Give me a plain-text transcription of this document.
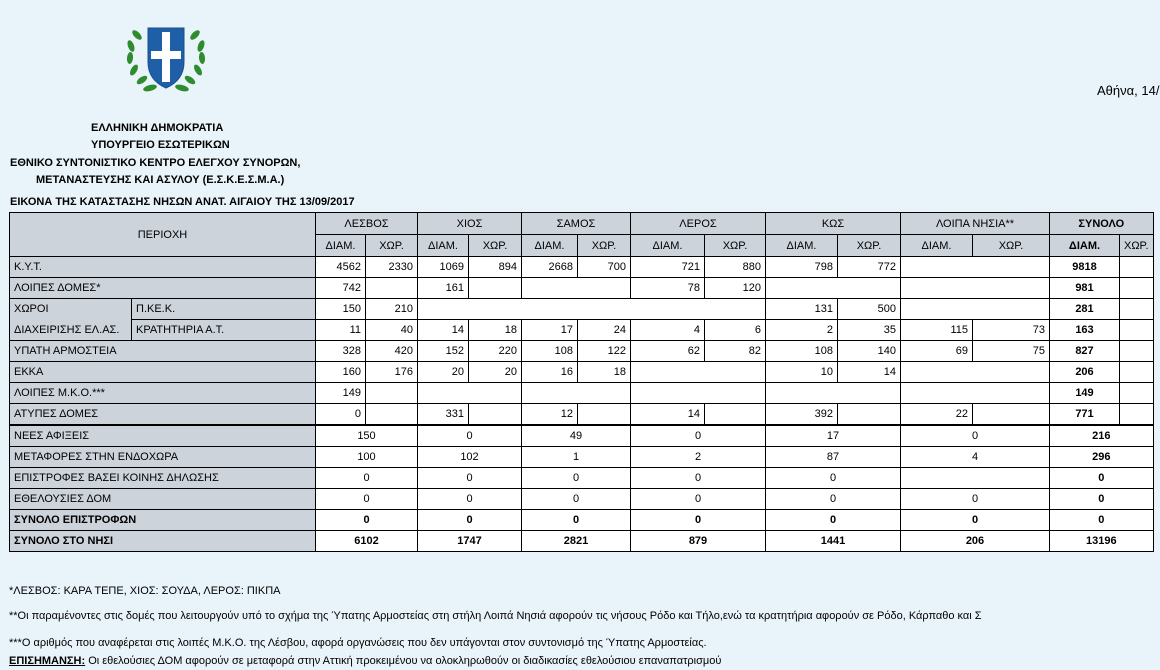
Αθήνα, 14/
ΕΛΛΗΝΙΚΗ ΔΗΜΟΚΡΑΤΙΑ
ΥΠΟΥΡΓΕΙΟ ΕΣΩΤΕΡΙΚΩΝ
ΕΘΝΙΚΟ ΣΥΝΤΟΝΙΣΤΙΚΟ ΚΕΝΤΡΟ ΕΛΕΓΧΟΥ ΣΥΝΟΡΩΝ,
ΜΕΤΑΝΑΣΤΕΥΣΗΣ ΚΑΙ ΑΣΥΛΟΥ (Ε.Σ.Κ.Ε.Σ.Μ.Α.)
ΕΙΚΟΝΑ ΤΗΣ ΚΑΤΑΣΤΑΣΗΣ ΝΗΣΩΝ ΑΝΑΤ. ΑΙΓΑΙΟΥ ΤΗΣ 13/09/2017
ΠΕΡΙΟΧΗ		ΛΕΣΒΟΣ		ΧΙΟΣ		ΣΑΜΟΣ		ΛΕΡΟΣ		ΚΩΣ		ΛΟΙΠΑ ΝΗΣΙΑ**		ΣΥΝΟΛΟ	
		ΔΙΑΜ.	ΧΩΡ.	ΔΙΑΜ.	ΧΩΡ.	ΔΙΑΜ.	ΧΩΡ.	ΔΙΑΜ.	ΧΩΡ.	ΔΙΑΜ.	ΧΩΡ.	ΔΙΑΜ.	ΧΩΡ.	ΔΙΑΜ.	ΧΩΡ.
Κ.Υ.Τ.		4562	2330	1069	894	2668	700	721	880	798	772			9818	
ΛΟΙΠΕΣ ΔΟΜΕΣ*		742		161				78	120					981	
ΧΩΡΟΙ	Π.ΚΕ.Κ.	150	210							131	500			281	
ΔΙΑΧΕΙΡΙΣΗΣ ΕΛ.ΑΣ.	ΚΡΑΤΗΤΗΡΙΑ Α.Τ.	11	40	14	18	17	24	4	6	2	35	115	73	163	
ΥΠΑΤΗ ΑΡΜΟΣΤΕΙΑ		328	420	152	220	108	122	62	82	108	140	69	75	827	
ΕΚΚΑ		160	176	20	20	16	18			10	14			206	
ΛΟΙΠΕΣ Μ.Κ.Ο.***		149												149	
ΑΤΥΠΕΣ ΔΟΜΕΣ		0		331		12		14		392		22		771	
ΝΕΕΣ ΑΦΙΞΕΙΣ		150		0		49		0		17		0		216	
ΜΕΤΑΦΟΡΕΣ ΣΤΗΝ ΕΝΔΟΧΩΡΑ		100		102		1		2		87		4		296	
ΕΠΙΣΤΡΟΦΕΣ ΒΑΣΕΙ ΚΟΙΝΗΣ ΔΗΛΩΣΗΣ		0		0		0		0		0				0	
ΕΘΕΛΟΥΣΙΕΣ ΔΟΜ		0		0		0		0		0		0		0	
ΣΥΝΟΛΟ ΕΠΙΣΤΡΟΦΩΝ		0		0		0		0		0		0		0	
ΣΥΝΟΛΟ ΣΤΟ ΝΗΣΙ		6102		1747		2821		879		1441		206		13196	
*ΛΕΣΒΟΣ: ΚΑΡΑ ΤΕΠΕ, ΧΙΟΣ: ΣΟΥΔΑ, ΛΕΡΟΣ: ΠΙΚΠΑ
**Οι παραμένοντες στις δομές που λειτουργούν υπό το σχήμα της Ύπατης Αρμοστείας στη στήλη Λοιπά Νησιά αφορούν τις νήσους Ρόδο και Τήλο,ενώ τα κρατητήρια αφορούν σε Ρόδο, Κάρπαθο και Σ
***Ο αριθμός που αναφέρεται στις λοιπές Μ.Κ.Ο. της Λέσβου, αφορά οργανώσεις που δεν υπάγονται στον συντονισμό της Ύπατης Αρμοστείας.
ΕΠΙΣΗΜΑΝΣΗ: Οι εθελούσιες ΔΟΜ αφορούν σε μεταφορά στην Αττική προκειμένου να ολοκληρωθούν οι διαδικασίες εθελούσιου επαναπατρισμού
